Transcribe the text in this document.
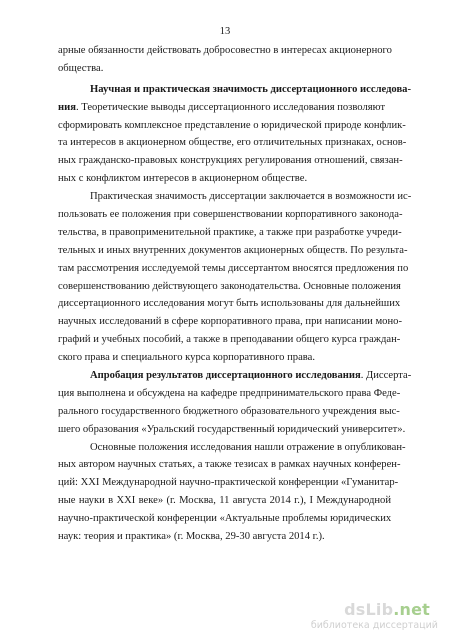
13
арные обязанности действовать добросовестно в интересах акционерного
общества.
Научная и практическая значимость диссертационного исследова-
ния. Теоретические выводы диссертационного исследования позволяют
сформировать комплексное представление о юридической природе конфлик-
та интересов в акционерном обществе, его отличительных признаках, основ-
ных гражданско-правовых конструкциях регулирования отношений, связан-
ных с конфликтом интересов в акционерном обществе.
Практическая значимость диссертации заключается в возможности ис-
пользовать ее положения при совершенствовании корпоративного законода-
тельства, в правоприменительной практике, а также при разработке учреди-
тельных и иных внутренних документов акционерных обществ. По результа-
там рассмотрения исследуемой темы диссертантом вносятся предложения по
совершенствованию действующего законодательства. Основные положения
диссертационного исследования могут быть использованы для дальнейших
научных исследований в сфере корпоративного права, при написании моно-
графий и учебных пособий, а также в преподавании общего курса граждан-
ского права и специального курса корпоративного права.
Апробация результатов диссертационного исследования. Диссерта-
ция выполнена и обсуждена на кафедре предпринимательского права Феде-
рального государственного бюджетного образовательного учреждения выс-
шего образования «Уральский государственный юридический университет».
Основные положения исследования нашли отражение в опубликован-
ных автором научных статьях, а также тезисах в рамках научных конферен-
ций: XXI Международной научно-практической конференции «Гуманитар-
ные науки в XXI веке» (г. Москва, 11 августа 2014 г.), I Международной
научно-практической конференции «Актуальные проблемы юридических
наук: теория и практика» (г. Москва, 29-30 августа 2014 г.).
dsLib.net
библиотека диссертаций
